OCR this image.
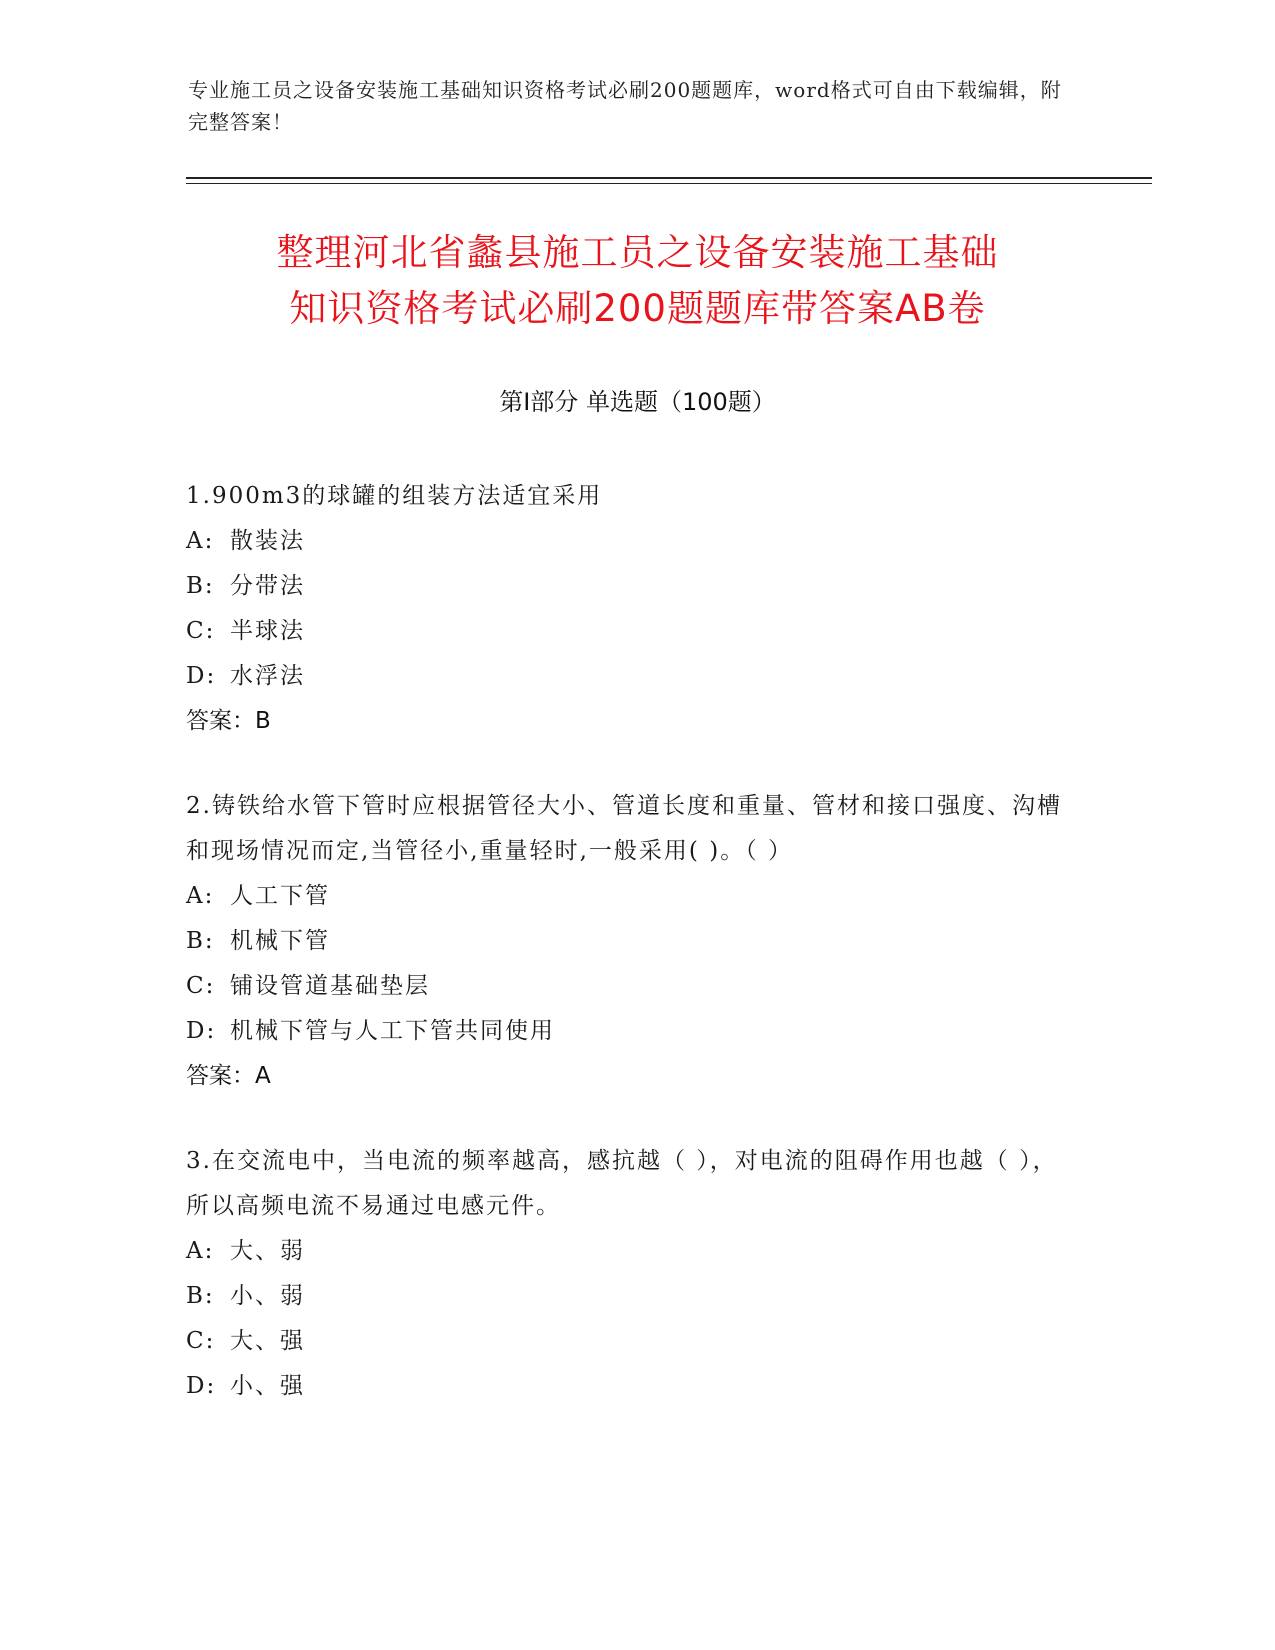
专业施工员之设备安装施工基础知识资格考试必刷200题题库，word格式可自由下载编辑，附完整答案！
整理河北省蠡县施工员之设备安装施工基础
知识资格考试必刷200题题库带答案AB卷
第I部分 单选题（100题）
1.900m3的球罐的组装方法适宜采用
A: 散装法
B: 分带法
C: 半球法
D: 水浮法
答案：B
2.铸铁给水管下管时应根据管径大小、管道长度和重量、管材和接口强度、沟槽和现场情况而定,当管径小,重量轻时,一般采用( )。（ ）
A: 人工下管
B: 机械下管
C: 铺设管道基础垫层
D: 机械下管与人工下管共同使用
答案：A
3.在交流电中，当电流的频率越高，感抗越（ ），对电流的阻碍作用也越（ ），所以高频电流不易通过电感元件。
A: 大、弱
B: 小、弱
C: 大、强
D: 小、强
